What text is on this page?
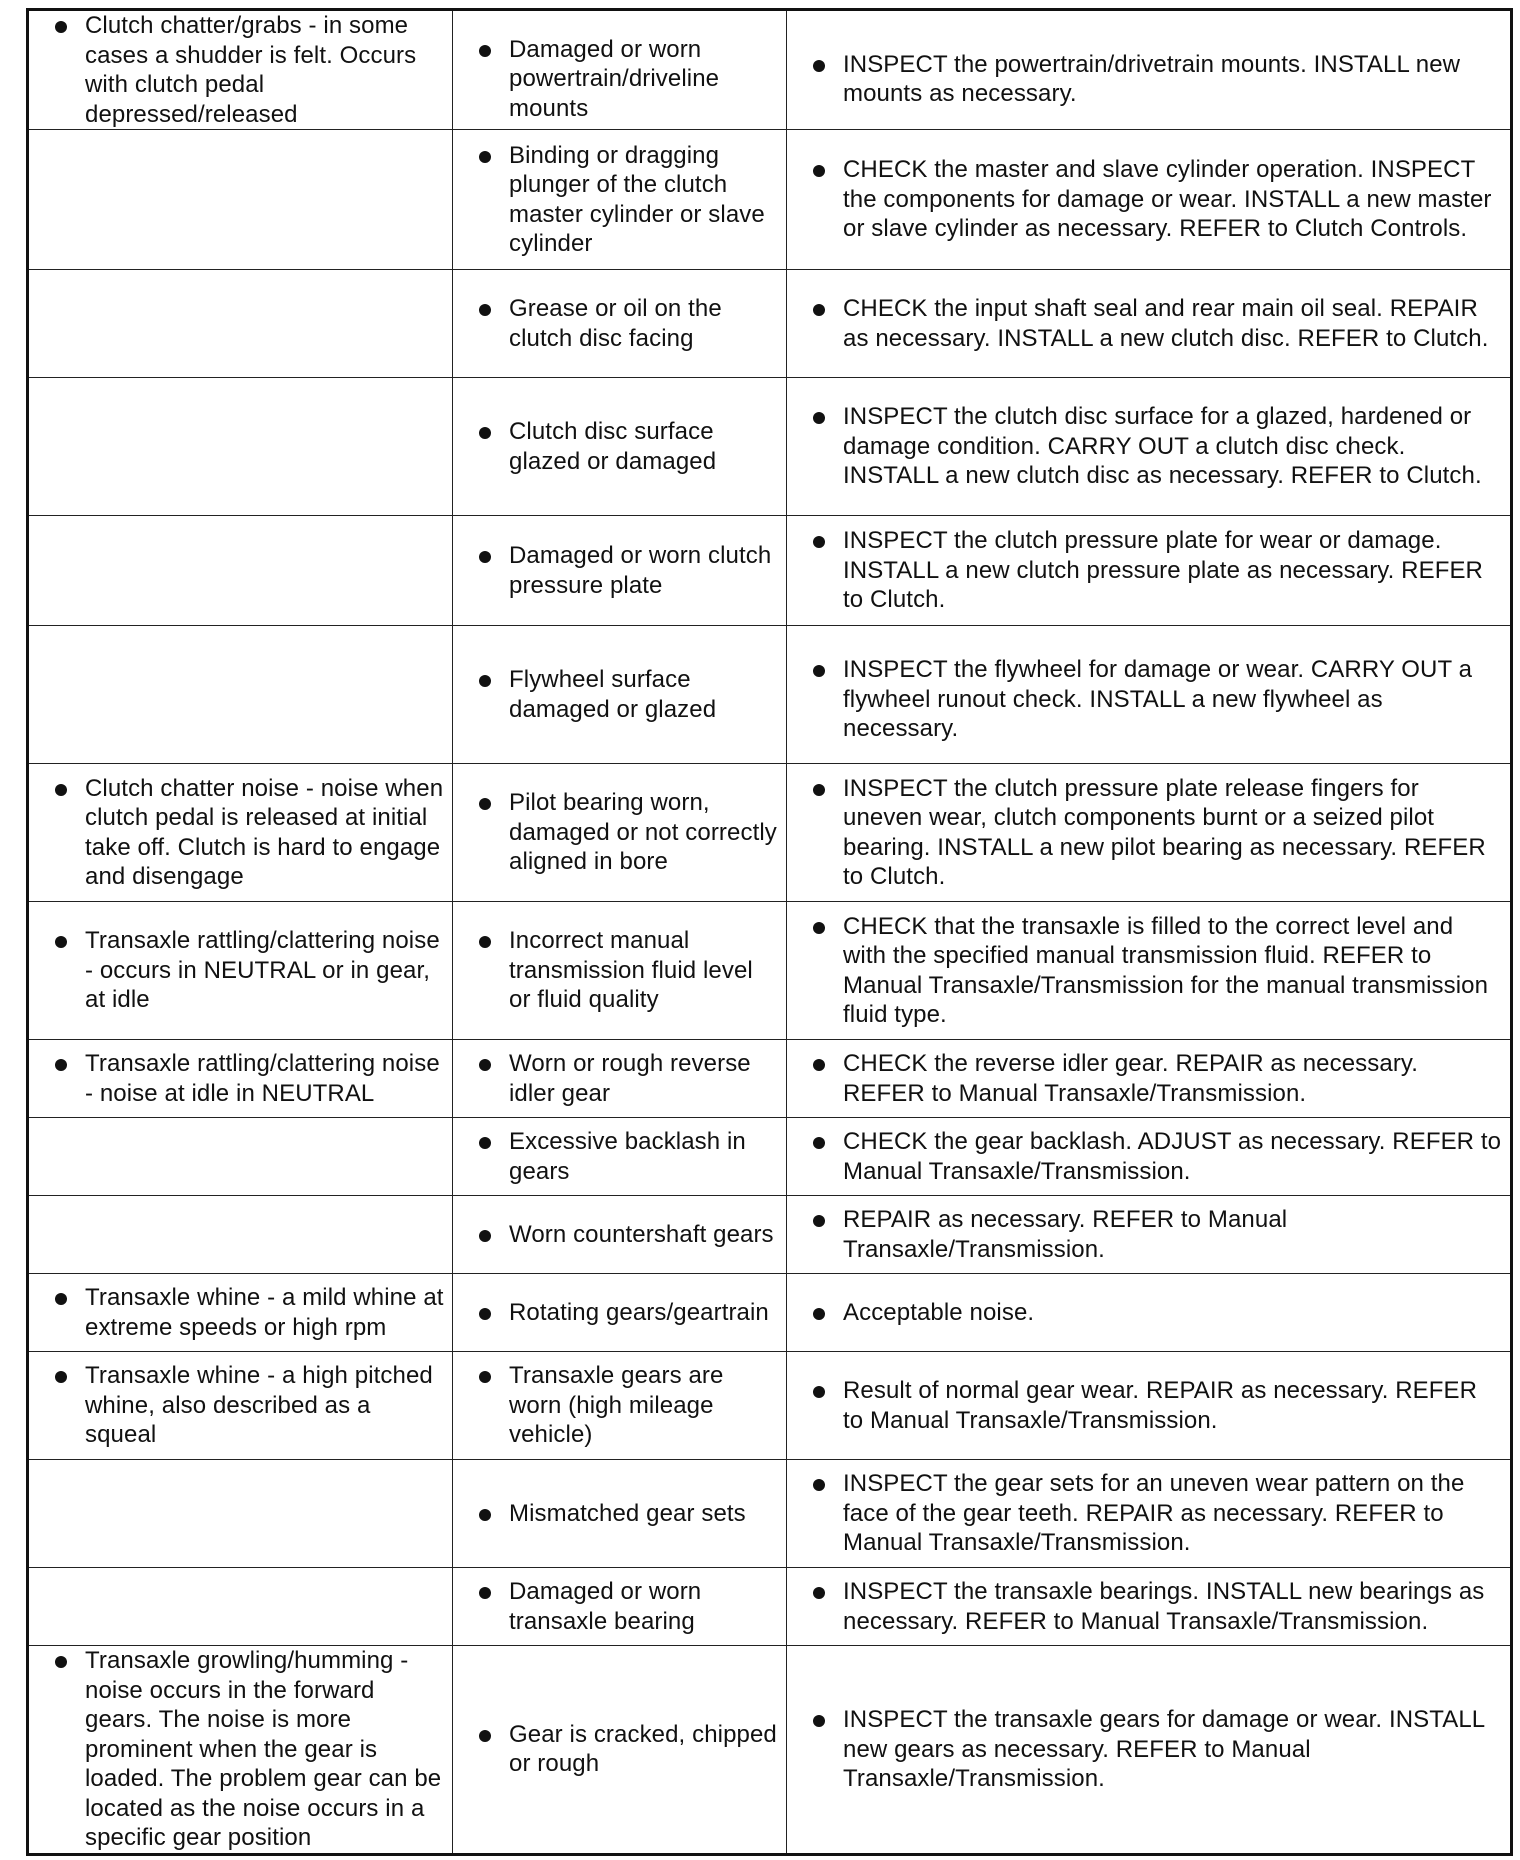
Clutch chatter/grabs - in some cases a shudder is felt. Occurs with clutch pedal depressed/released	Damaged or worn powertrain/driveline mounts	INSPECT the powertrain/drivetrain mounts. INSTALL new mounts as necessary.

	Binding or dragging plunger of the clutch master cylinder or slave cylinder	CHECK the master and slave cylinder operation. INSPECT the components for damage or wear. INSTALL a new master or slave cylinder as necessary. REFER to Clutch Controls.

	Grease or oil on the clutch disc facing	CHECK the input shaft seal and rear main oil seal. REPAIR as necessary. INSTALL a new clutch disc. REFER to Clutch.

	Clutch disc surface glazed or damaged	INSPECT the clutch disc surface for a glazed, hardened or damage condition. CARRY OUT a clutch disc check. INSTALL a new clutch disc as necessary. REFER to Clutch.

	Damaged or worn clutch pressure plate	INSPECT the clutch pressure plate for wear or damage. INSTALL a new clutch pressure plate as necessary. REFER to Clutch.

	Flywheel surface damaged or glazed	INSPECT the flywheel for damage or wear. CARRY OUT a flywheel runout check. INSTALL a new flywheel as necessary.

Clutch chatter noise - noise when clutch pedal is released at initial take off. Clutch is hard to engage and disengage	Pilot bearing worn, damaged or not correctly aligned in bore	INSPECT the clutch pressure plate release fingers for uneven wear, clutch components burnt or a seized pilot bearing. INSTALL a new pilot bearing as necessary. REFER to Clutch.

Transaxle rattling/clattering noise - occurs in NEUTRAL or in gear, at idle	Incorrect manual transmission fluid level or fluid quality	CHECK that the transaxle is filled to the correct level and with the specified manual transmission fluid. REFER to Manual Transaxle/Transmission for the manual transmission fluid type.

Transaxle rattling/clattering noise - noise at idle in NEUTRAL	Worn or rough reverse idler gear	CHECK the reverse idler gear. REPAIR as necessary. REFER to Manual Transaxle/Transmission.

	Excessive backlash in gears	CHECK the gear backlash. ADJUST as necessary. REFER to Manual Transaxle/Transmission.

	Worn countershaft gears	REPAIR as necessary. REFER to Manual Transaxle/Transmission.

Transaxle whine - a mild whine at extreme speeds or high rpm	Rotating gears/geartrain	Acceptable noise.

Transaxle whine - a high pitched whine, also described as a squeal	Transaxle gears are worn (high mileage vehicle)	Result of normal gear wear. REPAIR as necessary. REFER to Manual Transaxle/Transmission.

	Mismatched gear sets	INSPECT the gear sets for an uneven wear pattern on the face of the gear teeth. REPAIR as necessary. REFER to Manual Transaxle/Transmission.

	Damaged or worn transaxle bearing	INSPECT the transaxle bearings. INSTALL new bearings as necessary. REFER to Manual Transaxle/Transmission.

Transaxle growling/humming - noise occurs in the forward gears. The noise is more prominent when the gear is loaded. The problem gear can be located as the noise occurs in a specific gear position	Gear is cracked, chipped or rough	INSPECT the transaxle gears for damage or wear. INSTALL new gears as necessary. REFER to Manual Transaxle/Transmission.
